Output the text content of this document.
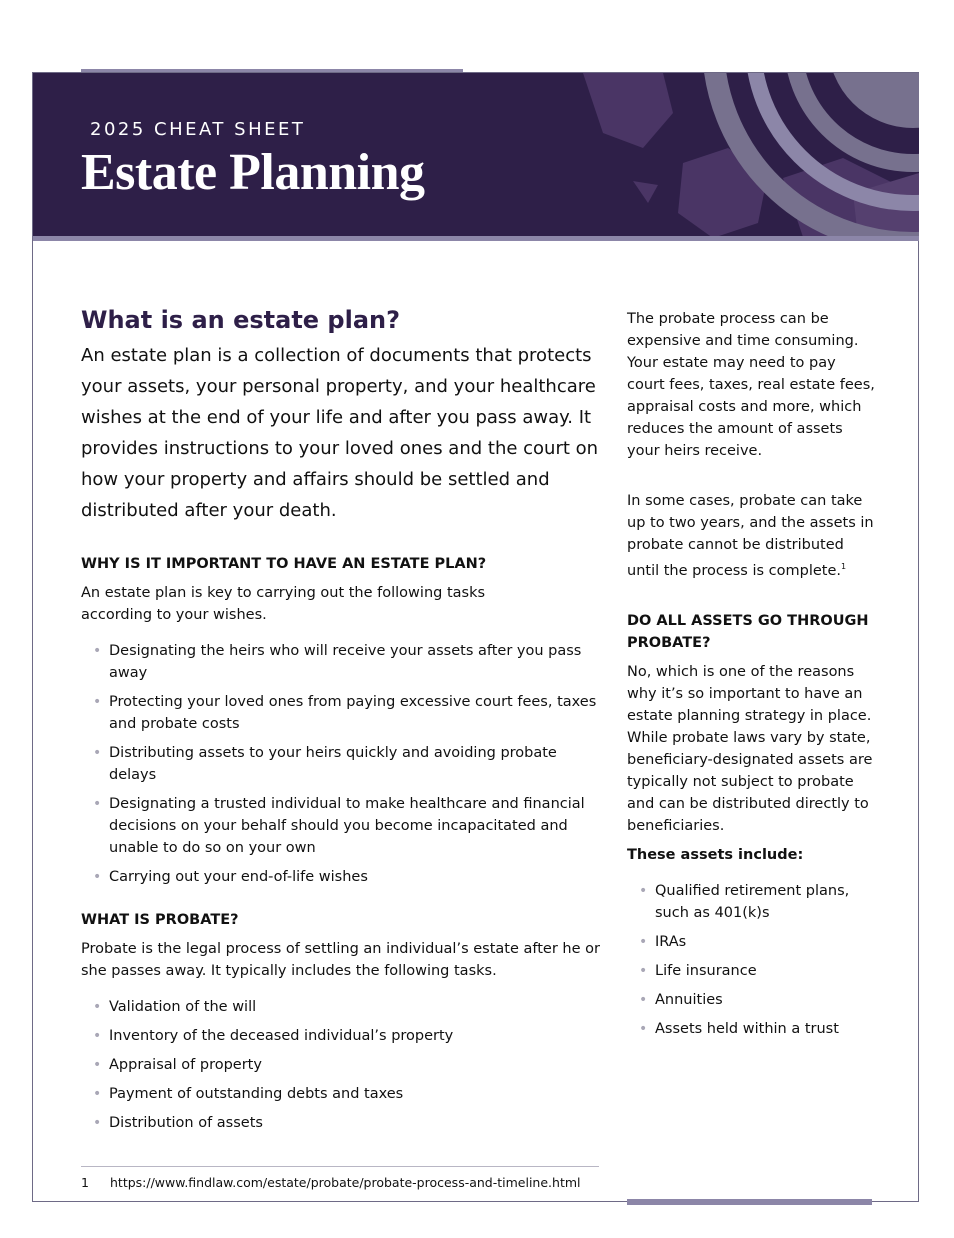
2025 CHEAT SHEET
Estate Planning
What is an estate plan?

An estate plan is a collection of documents that protects your assets, your personal property, and your healthcare wishes at the end of your life and after you pass away. It provides instructions to your loved ones and the court on how your property and affairs should be settled and distributed after your death.

WHY IS IT IMPORTANT TO HAVE AN ESTATE PLAN?

An estate plan is key to carrying out the following tasks according to your wishes.

• Designating the heirs who will receive your assets after you pass away
• Protecting your loved ones from paying excessive court fees, taxes and probate costs
• Distributing assets to your heirs quickly and avoiding probate delays
• Designating a trusted individual to make healthcare and financial decisions on your behalf should you become incapacitated and unable to do so on your own
• Carrying out your end-of-life wishes
WHAT IS PROBATE?

Probate is the legal process of settling an individual’s estate after he or she passes away. It typically includes the following tasks.

• Validation of the will
• Inventory of the deceased individual’s property
• Appraisal of property
• Payment of outstanding debts and taxes
• Distribution of assets

The probate process can be expensive and time consuming. Your estate may need to pay court fees, taxes, real estate fees, appraisal costs and more, which reduces the amount of assets your heirs receive.

In some cases, probate can take up to two years, and the assets in probate cannot be distributed until the process is complete.$^1$

DO ALL ASSETS GO THROUGH PROBATE?

No, which is one of the reasons why it’s so important to have an estate planning strategy in place. While probate laws vary by state, beneficiary-designated assets are typically not subject to probate and can be distributed directly to beneficiaries.

These assets include:

• Qualified retirement plans, such as 401(k)s
• IRAs
• Life insurance
• Annuities
• Assets held within a trust
1 https://www.findlaw.com/estate/probate/probate-process-and-timeline.html
